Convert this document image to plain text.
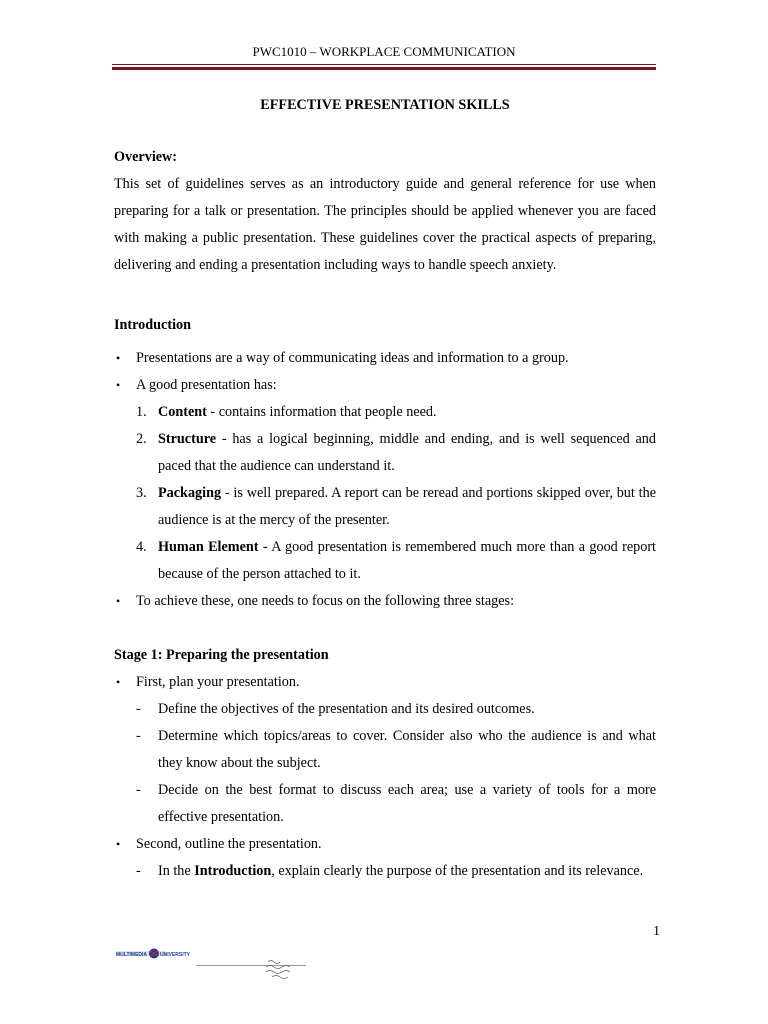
PWC1010 – WORKPLACE COMMUNICATION
EFFECTIVE PRESENTATION SKILLS
Overview:

This set of guidelines serves as an introductory guide and general reference for use when preparing for a talk or presentation. The principles should be applied whenever you are faced with making a public presentation. These guidelines cover the practical aspects of preparing, delivering and ending a presentation including ways to handle speech anxiety.

Introduction
•	Presentations are a way of communicating ideas and information to a group.
•	A good presentation has:
1. Content - contains information that people need.
2. Structure - has a logical beginning, middle and ending, and is well sequenced and paced that the audience can understand it.
3. Packaging - is well prepared. A report can be reread and portions skipped over, but the audience is at the mercy of the presenter.
4. Human Element - A good presentation is remembered much more than a good report because of the person attached to it.
•	To achieve these, one needs to focus on the following three stages:
Stage 1: Preparing the presentation
•	First, plan your presentation.
-	Define the objectives of the presentation and its desired outcomes.
-	Determine which topics/areas to cover. Consider also who the audience is and what they know about the subject.
-	Decide on the best format to discuss each area; use a variety of tools for a more effective presentation.
•	Second, outline the presentation.
-	In the Introduction, explain clearly the purpose of the presentation and its relevance.
1
MULTIMEDIA	UNIVERSITY
